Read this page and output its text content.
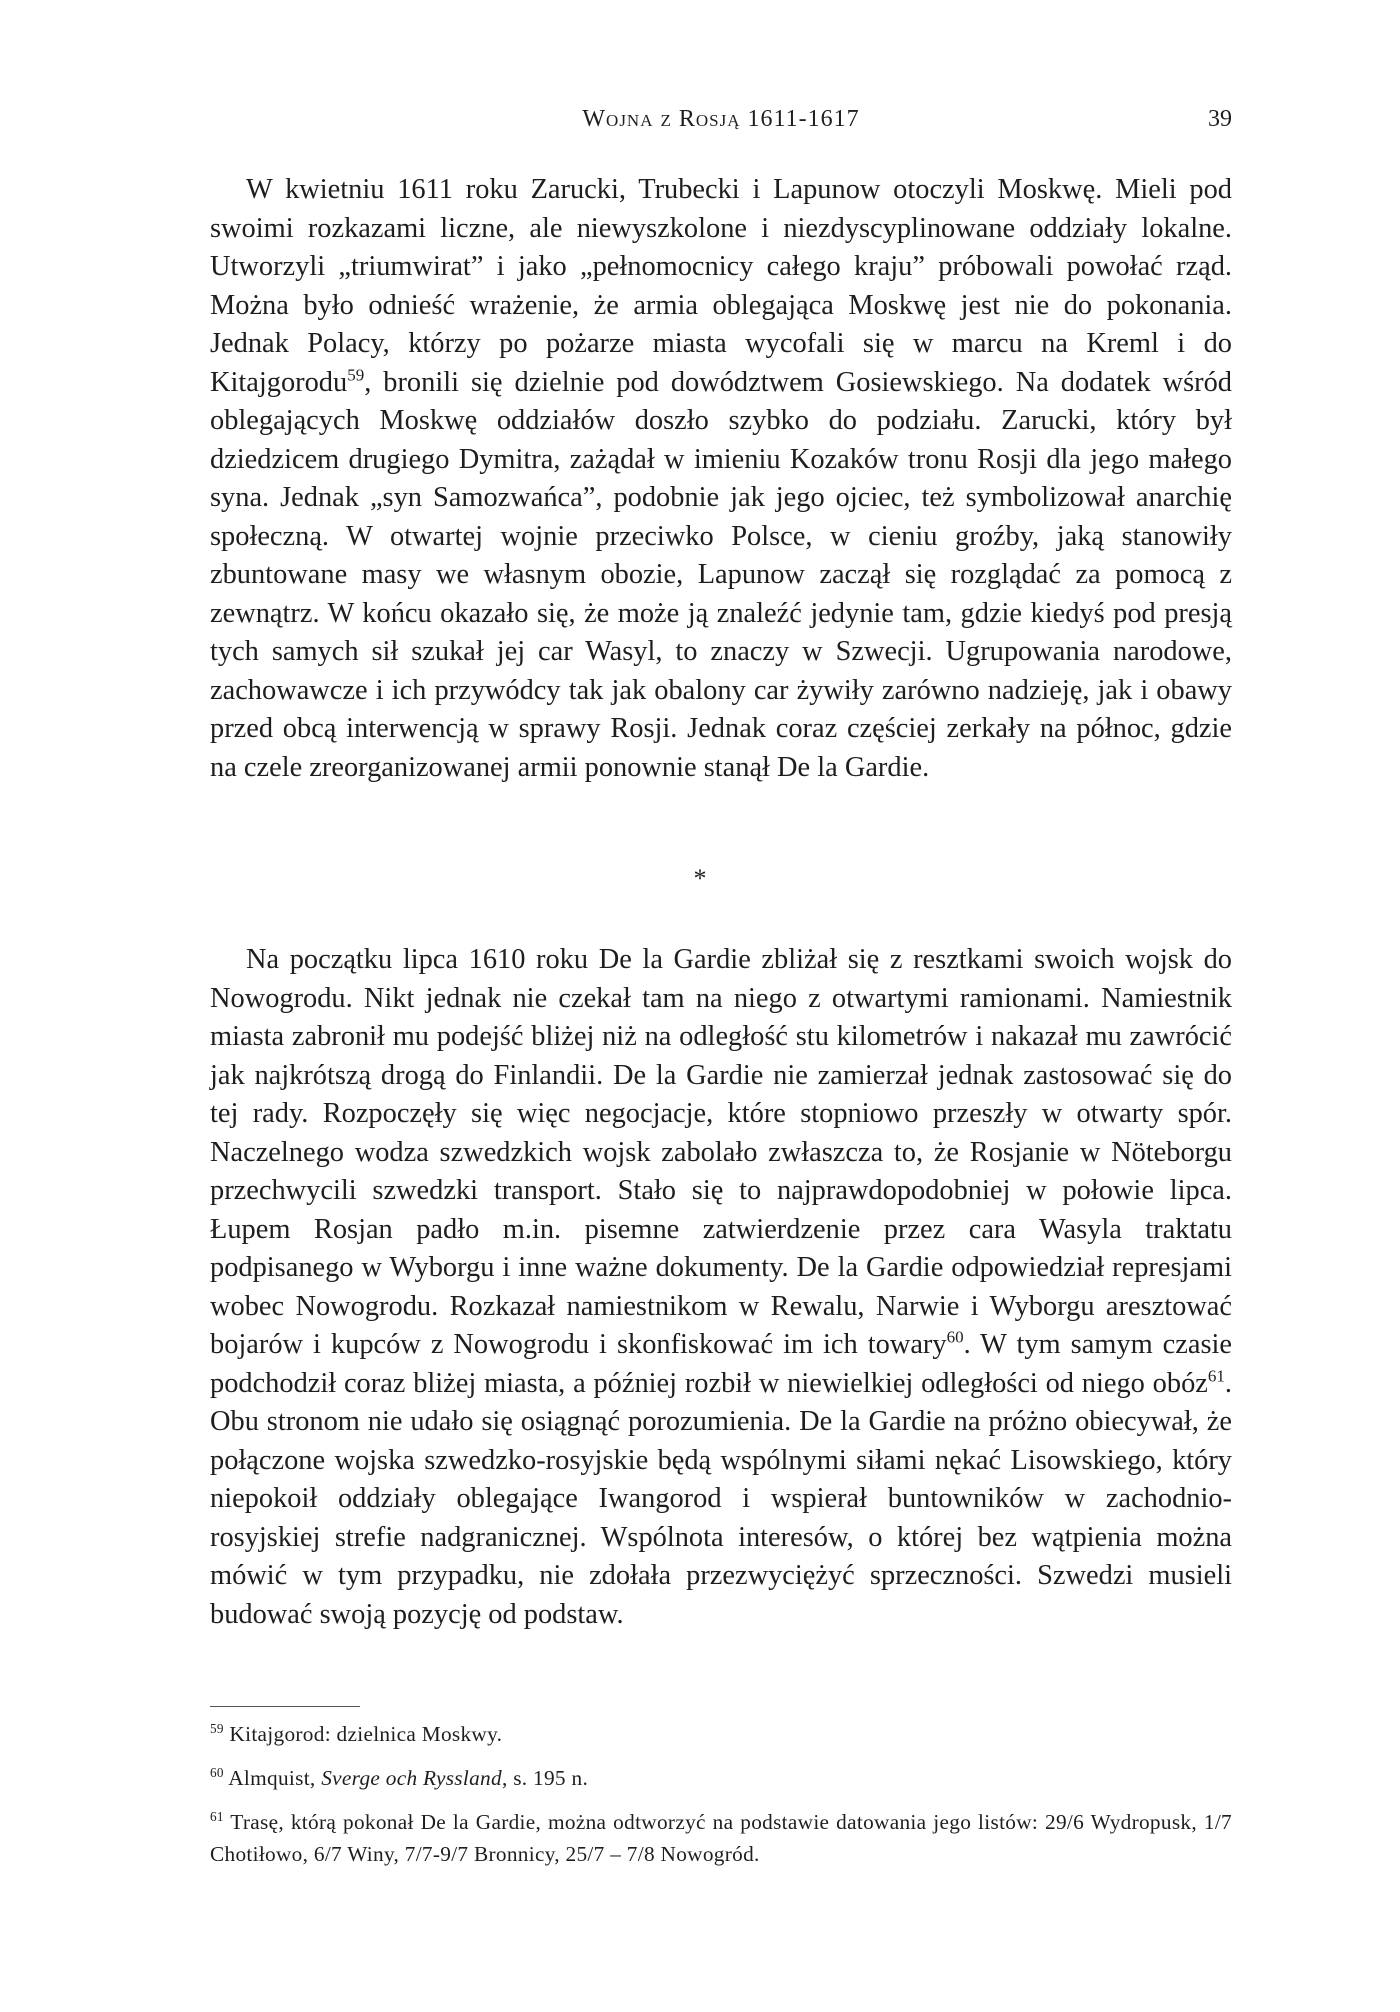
Wojna z Rosją 1611-1617	39

W kwietniu 1611 roku Zarucki, Trubecki i Lapunow otoczyli Moskwę. Mieli pod swoimi rozkazami liczne, ale niewyszkolone i niezdyscyplinowane oddziały lokalne. Utworzyli „triumwirat” i jako „pełnomocnicy całego kraju” próbowali powołać rząd. Można było odnieść wrażenie, że armia oblegająca Moskwę jest nie do pokonania. Jednak Polacy, którzy po pożarze miasta wycofali się w marcu na Kreml i do Kitajgorodu$^{59}$, bronili się dzielnie pod dowództwem Gosiewskiego. Na dodatek wśród oblegających Moskwę oddziałów doszło szybko do podziału. Zarucki, który był dziedzicem drugiego Dymitra, zażądał w imieniu Kozaków tronu Rosji dla jego małego syna. Jednak „syn Samozwańca”, podobnie jak jego ojciec, też symbolizował anarchię społeczną. W otwartej wojnie przeciwko Polsce, w cieniu groźby, jaką stanowiły zbuntowane masy we własnym obozie, Lapunow zaczął się rozglądać za pomocą z zewnątrz. W końcu okazało się, że może ją znaleźć jedynie tam, gdzie kiedyś pod presją tych samych sił szukał jej car Wasyl, to znaczy w Szwecji. Ugrupowania narodowe, zachowawcze i ich przywódcy tak jak obalony car żywiły zarówno nadzieję, jak i obawy przed obcą interwencją w sprawy Rosji. Jednak coraz częściej zerkały na północ, gdzie na czele zreorganizowanej armii ponownie stanął De la Gardie.

*

Na początku lipca 1610 roku De la Gardie zbliżał się z resztkami swoich wojsk do Nowogrodu. Nikt jednak nie czekał tam na niego z otwartymi ramionami. Namiestnik miasta zabronił mu podejść bliżej niż na odległość stu kilometrów i nakazał mu zawrócić jak najkrótszą drogą do Finlandii. De la Gardie nie zamierzał jednak zastosować się do tej rady. Rozpoczęły się więc negocjacje, które stopniowo przeszły w otwarty spór. Naczelnego wodza szwedzkich wojsk zabolało zwłaszcza to, że Rosjanie w Nöteborgu przechwycili szwedzki transport. Stało się to najprawdopodobniej w połowie lipca. Łupem Rosjan padło m.in. pisemne zatwierdzenie przez cara Wasyla traktatu podpisanego w Wyborgu i inne ważne dokumenty. De la Gardie odpowiedział represjami wobec Nowogrodu. Rozkazał namiestnikom w Rewalu, Narwie i Wyborgu aresztować bojarów i kupców z Nowogrodu i skonfiskować im ich towary$^{60}$. W tym samym czasie podchodził coraz bliżej miasta, a później rozbił w niewielkiej odległości od niego obóz$^{61}$. Obu stronom nie udało się osiągnąć porozumienia. De la Gardie na próżno obiecywał, że połączone wojska szwedzko-rosyjskie będą wspólnymi siłami nękać Lisowskiego, który niepokoił oddziały oblegające Iwangorod i wspierał buntowników w zachodnio-rosyjskiej strefie nadgranicznej. Wspólnota interesów, o której bez wątpienia można mówić w tym przypadku, nie zdołała przezwyciężyć sprzeczności. Szwedzi musieli budować swoją pozycję od podstaw.

$^{59}$ Kitajgorod: dzielnica Moskwy.

$^{60}$ Almquist, Sverge och Ryssland, s. 195 n.

$^{61}$ Trasę, którą pokonał De la Gardie, można odtworzyć na podstawie datowania jego listów: 29/6 Wydropusk, 1/7 Chotiłowo, 6/7 Winy, 7/7-9/7 Bronnicy, 25/7 – 7/8 Nowogród.
